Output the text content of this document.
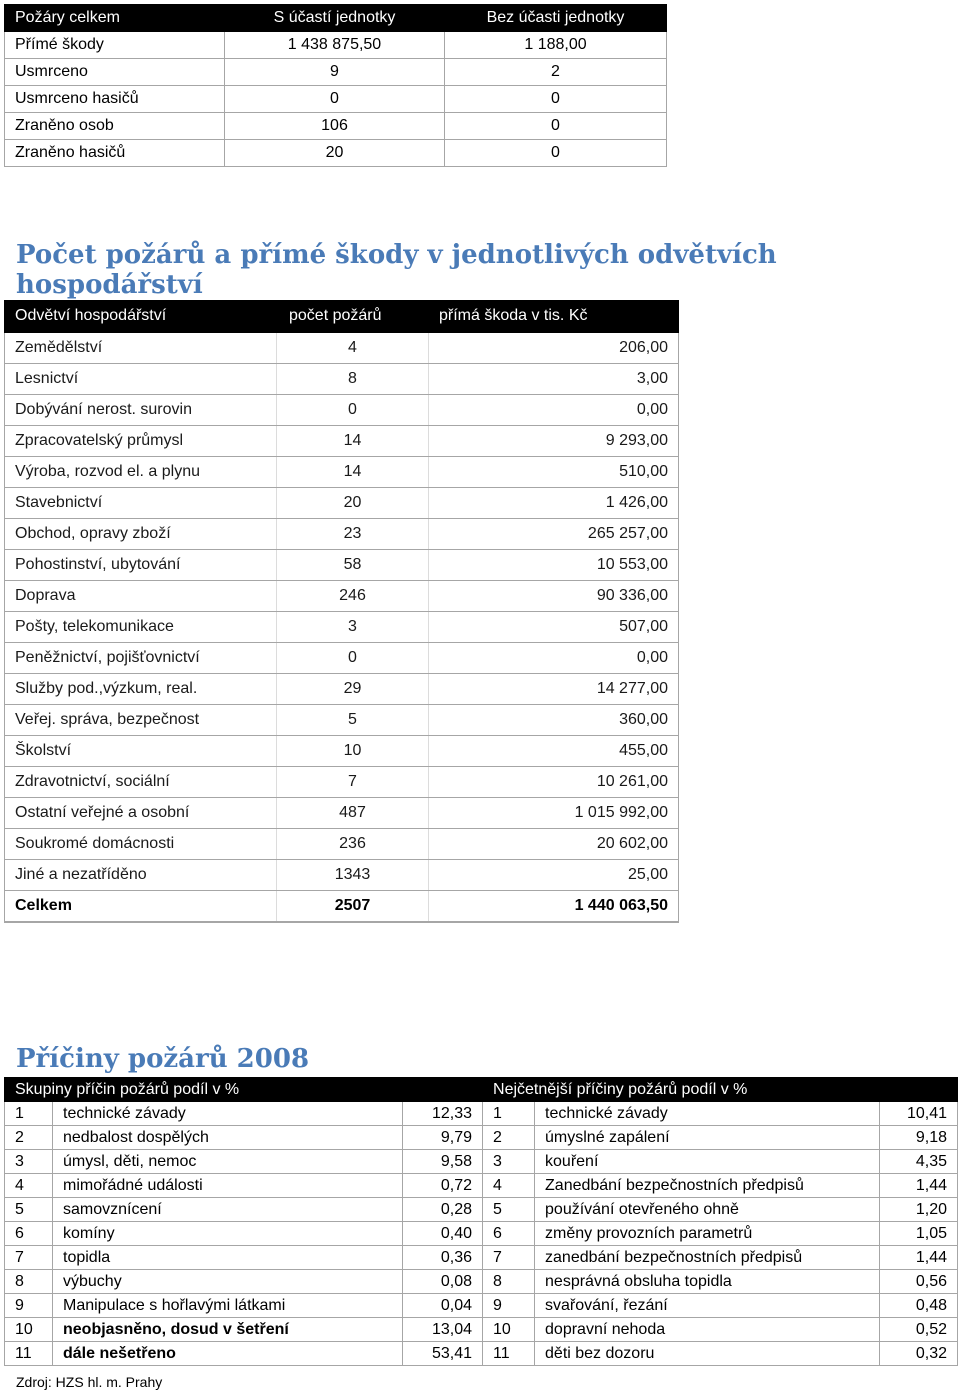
Požáry celkem	S účastí jednotky	Bez účasti jednotky
Přímé škody	1 438 875,50	1 188,00
Usmrceno	9	2
Usmrceno hasičů	0	0
Zraněno osob	106	0
Zraněno hasičů	20	0
Počet požárů a přímé škody v jednotlivých odvětvích hospodářství
Odvětví hospodářství	počet požárů	přímá škoda v tis. Kč
Zemědělství	4	206,00
Lesnictví	8	3,00
Dobývání nerost. surovin	0	0,00
Zpracovatelský průmysl	14	9 293,00
Výroba, rozvod el. a plynu	14	510,00
Stavebnictví	20	1 426,00
Obchod, opravy zboží	23	265 257,00
Pohostinství, ubytování	58	10 553,00
Doprava	246	90 336,00
Pošty, telekomunikace	3	507,00
Peněžnictví, pojišťovnictví	0	0,00
Služby pod.,výzkum, real.	29	14 277,00
Veřej. správa, bezpečnost	5	360,00
Školství	10	455,00
Zdravotnictví, sociální	7	10 261,00
Ostatní veřejné a osobní	487	1 015 992,00
Soukromé domácnosti	236	20 602,00
Jiné a nezatříděno	1343	25,00
Celkem	2507	1 440 063,50
Příčiny požárů 2008
Skupiny příčin požárů podíl v %			Nejčetnější příčiny požárů podíl v %		
1	technické závady	12,33	1	technické závady	10,41
2	nedbalost dospělých	9,79	2	úmyslné zapálení	9,18
3	úmysl, děti, nemoc	9,58	3	kouření	4,35
4	mimořádné události	0,72	4	Zanedbání bezpečnostních předpisů	1,44
5	samovznícení	0,28	5	používání otevřeného ohně	1,20
6	komíny	0,40	6	změny provozních parametrů	1,05
7	topidla	0,36	7	zanedbání bezpečnostních předpisů	1,44
8	výbuchy	0,08	8	nesprávná obsluha topidla	0,56
9	Manipulace s hořlavými látkami	0,04	9	svařování, řezání	0,48
10	neobjasněno, dosud v šetření	13,04	10	dopravní nehoda	0,52
11	dále nešetřeno	53,41	11	děti bez dozoru	0,32
Zdroj: HZS hl. m. Prahy
